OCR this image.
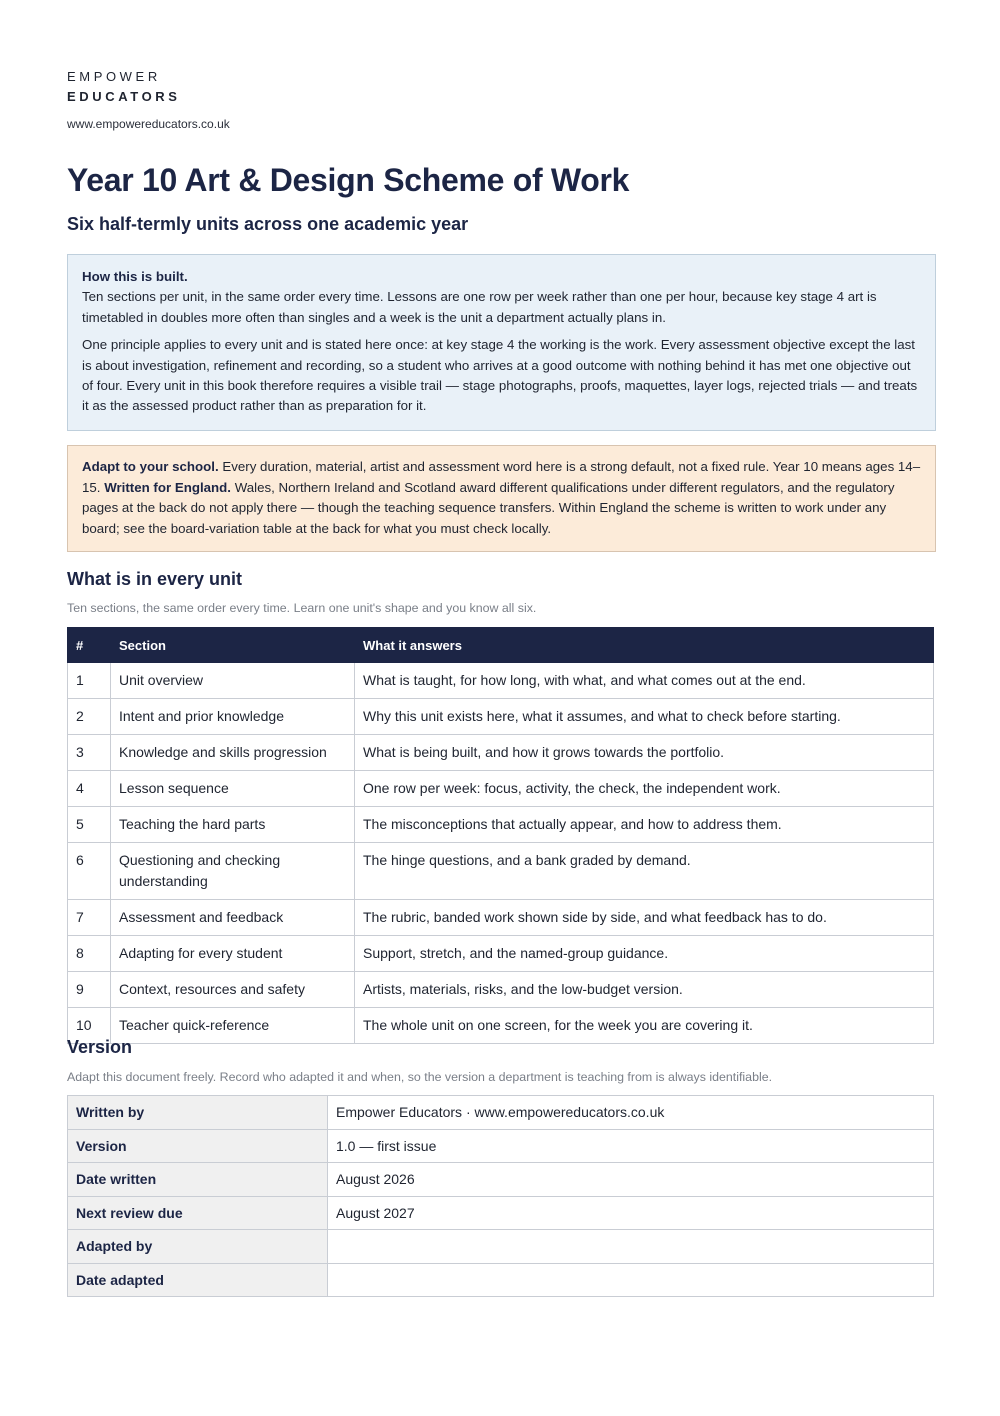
EMPOWER
EDUCATORS
www.empowereducators.co.uk
Year 10 Art & Design Scheme of Work
Six half-termly units across one academic year

How this is built.
Ten sections per unit, in the same order every time. Lessons are one row per week rather than one per hour, because key stage 4 art is timetabled in doubles more often than singles and a week is the unit a department actually plans in.

One principle applies to every unit and is stated here once: at key stage 4 the working is the work. Every assessment objective except the last is about investigation, refinement and recording, so a student who arrives at a good outcome with nothing behind it has met one objective out of four. Every unit in this book therefore requires a visible trail — stage photographs, proofs, maquettes, layer logs, rejected trials — and treats it as the assessed product rather than as preparation for it.

Adapt to your school. Every duration, material, artist and assessment word here is a strong default, not a fixed rule. Year 10 means ages 14–15. Written for England. Wales, Northern Ireland and Scotland award different qualifications under different regulators, and the regulatory pages at the back do not apply there — though the teaching sequence transfers. Within England the scheme is written to work under any board; see the board-variation table at the back for what you must check locally.
What is in every unit

Ten sections, the same order every time. Learn one unit's shape and you know all six.

#	Section	What it answers
1	Unit overview	What is taught, for how long, with what, and what comes out at the end.
2	Intent and prior knowledge	Why this unit exists here, what it assumes, and what to check before starting.
3	Knowledge and skills progression	What is being built, and how it grows towards the portfolio.
4	Lesson sequence	One row per week: focus, activity, the check, the independent work.
5	Teaching the hard parts	The misconceptions that actually appear, and how to address them.
6	Questioning and checking understanding	The hinge questions, and a bank graded by demand.
7	Assessment and feedback	The rubric, banded work shown side by side, and what feedback has to do.
8	Adapting for every student	Support, stretch, and the named-group guidance.
9	Context, resources and safety	Artists, materials, risks, and the low-budget version.
10	Teacher quick-reference	The whole unit on one screen, for the week you are covering it.
Version

Adapt this document freely. Record who adapted it and when, so the version a department is teaching from is always identifiable.

Written by	Empower Educators · www.empowereducators.co.uk
Version	1.0 — first issue
Date written	August 2026
Next review due	August 2027
Adapted by	
Date adapted	
